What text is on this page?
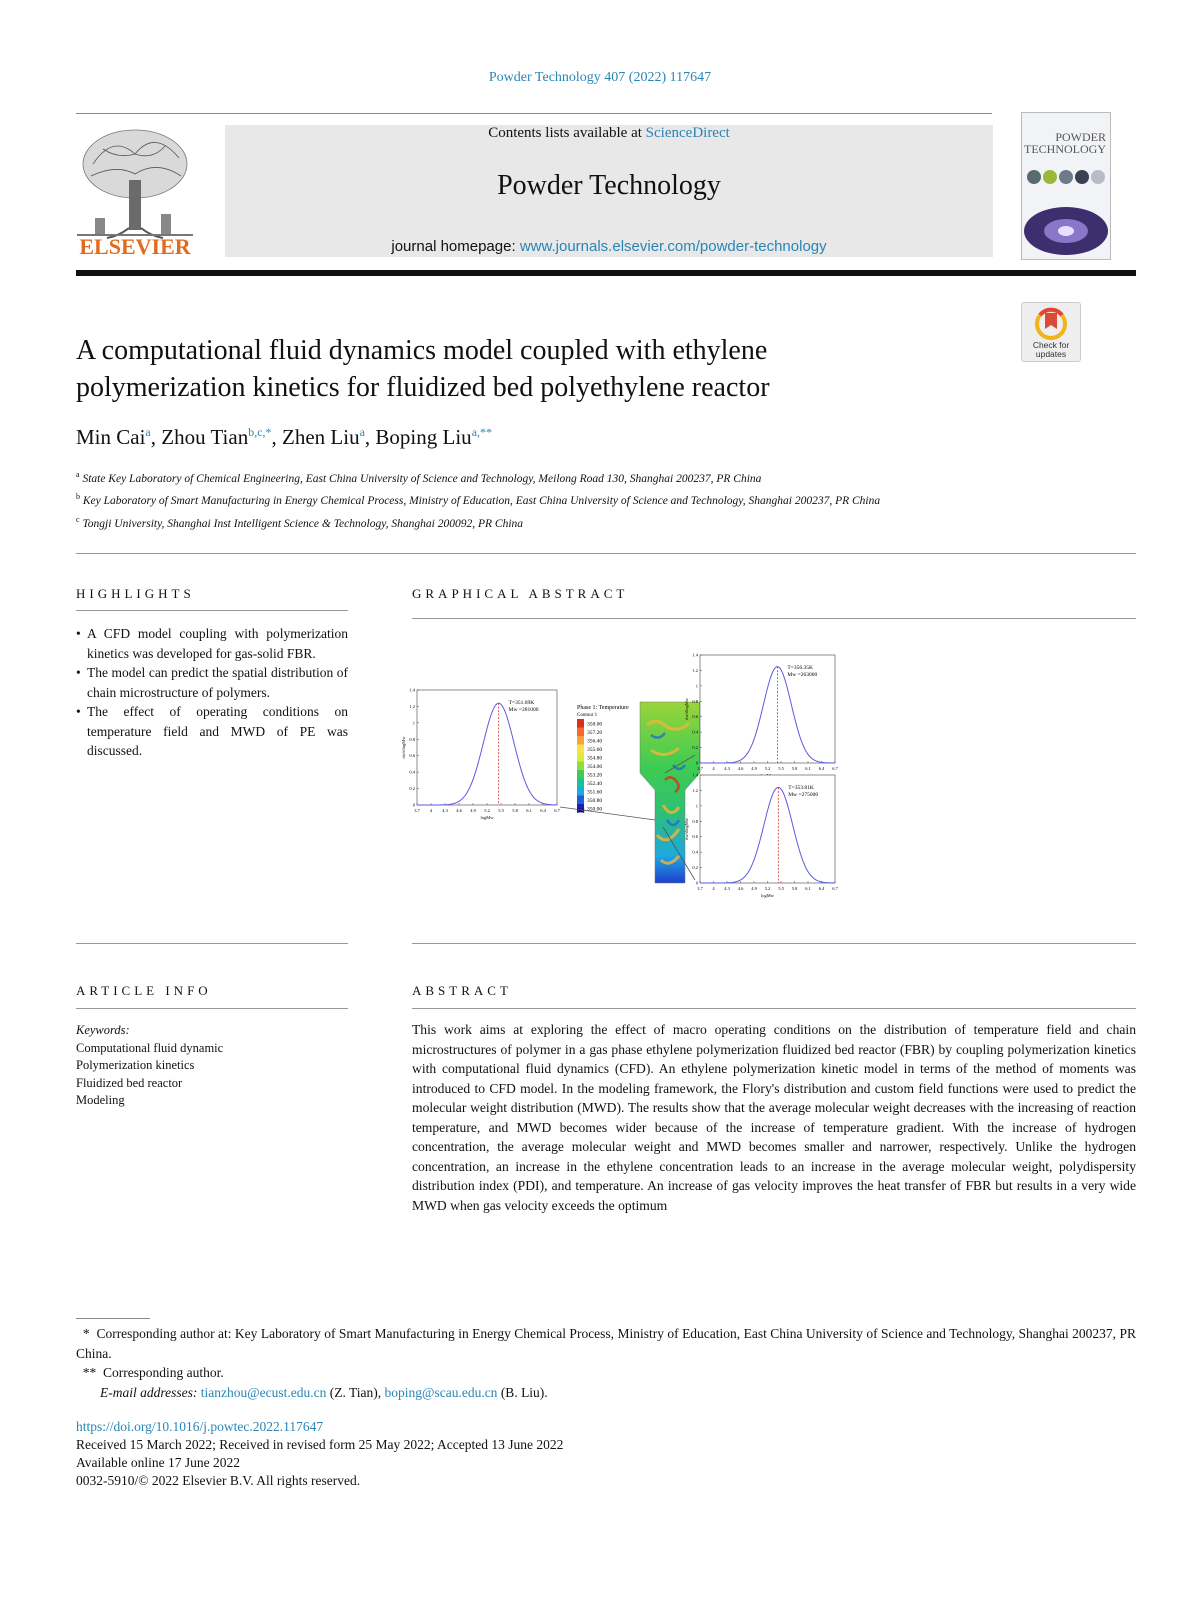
Powder Technology 407 (2022) 117647
ELSEVIER
Contents lists available at ScienceDirect
Powder Technology
journal homepage: www.journals.elsevier.com/powder-technology
POWDER
TECHNOLOGY
Check for
updates
A computational fluid dynamics model coupled with ethylene
polymerization kinetics for fluidized bed polyethylene reactor
Min Cai$^a$, Zhou Tian$^{b,c,*}$, Zhen Liu$^a$, Boping Liu$^{a,**}$
$^a$ State Key Laboratory of Chemical Engineering, East China University of Science and Technology, Meilong Road 130, Shanghai 200237, PR China
$^b$ Key Laboratory of Smart Manufacturing in Energy Chemical Process, Ministry of Education, East China University of Science and Technology, Shanghai 200237, PR China
$^c$ Tongji University, Shanghai Inst Intelligent Science & Technology, Shanghai 200092, PR China
HIGHLIGHTS
• A CFD model coupling with polymerization kinetics was developed for gas-solid FBR.
• The model can predict the spatial distribution of chain microstructure of polymers.
• The effect of operating conditions on temperature field and MWD of PE was discussed.
GRAPHICAL ABSTRACT
Phase 1: Temperature
Contour 1
358.00
357.20
356.40
355.60
354.80
354.00
353.20
352.40
351.60
350.80
350.00
[K]
3.7 4 4.3 4.6 4.9 5.2 5.5 5.8 6.1 6.4 6.7
0
0.2
0.4
0.6
0.8
1
1.2
1.4
T=351.69K
Mw =281000
logMw
dw/dlogMw
3.7 4 4.3 4.6 4.9 5.2 5.5 5.8 6.1 6.4 6.7
0
0.2
0.4
0.6
0.8
1
1.2
1.4
T=356.35K
Mw =263000
dw/dlogMw
3.7 4 4.3 4.6 4.9 5.2 5.5 5.8 6.1 6.4 6.7
0
0.2
0.4
0.6
0.8
1
1.2
1.4
T=353.81K
Mw =275000
logMw
dw/dlogMw
ARTICLE INFO
Keywords:
Computational fluid dynamic
Polymerization kinetics
Fluidized bed reactor
Modeling
ABSTRACT
This work aims at exploring the effect of macro operating conditions on the distribution of temperature field and chain microstructures of polymer in a gas phase ethylene polymerization fluidized bed reactor (FBR) by coupling polymerization kinetics with computational fluid dynamics (CFD). An ethylene polymerization kinetic model in terms of the method of moments was introduced to CFD model. In the modeling framework, the Flory's distribution and custom field functions were used to predict the molecular weight distribution (MWD). The results show that the average molecular weight decreases with the increasing of reaction temperature, and MWD becomes wider because of the increase of temperature gradient. With the increase of hydrogen concentration, the average molecular weight and MWD becomes smaller and narrower, respectively. Unlike the hydrogen concentration, an increase in the ethylene concentration leads to an increase in the average molecular weight, polydispersity distribution index (PDI), and temperature. An increase of gas velocity improves the heat transfer of FBR but results in a very wide MWD when gas velocity exceeds the optimum
* Corresponding author at: Key Laboratory of Smart Manufacturing in Energy Chemical Process, Ministry of Education, East China University of Science and Technology, Shanghai 200237, PR China.
** Corresponding author.
E-mail addresses: tianzhou@ecust.edu.cn (Z. Tian), boping@scau.edu.cn (B. Liu).
https://doi.org/10.1016/j.powtec.2022.117647
Received 15 March 2022; Received in revised form 25 May 2022; Accepted 13 June 2022
Available online 17 June 2022
0032-5910/© 2022 Elsevier B.V. All rights reserved.
